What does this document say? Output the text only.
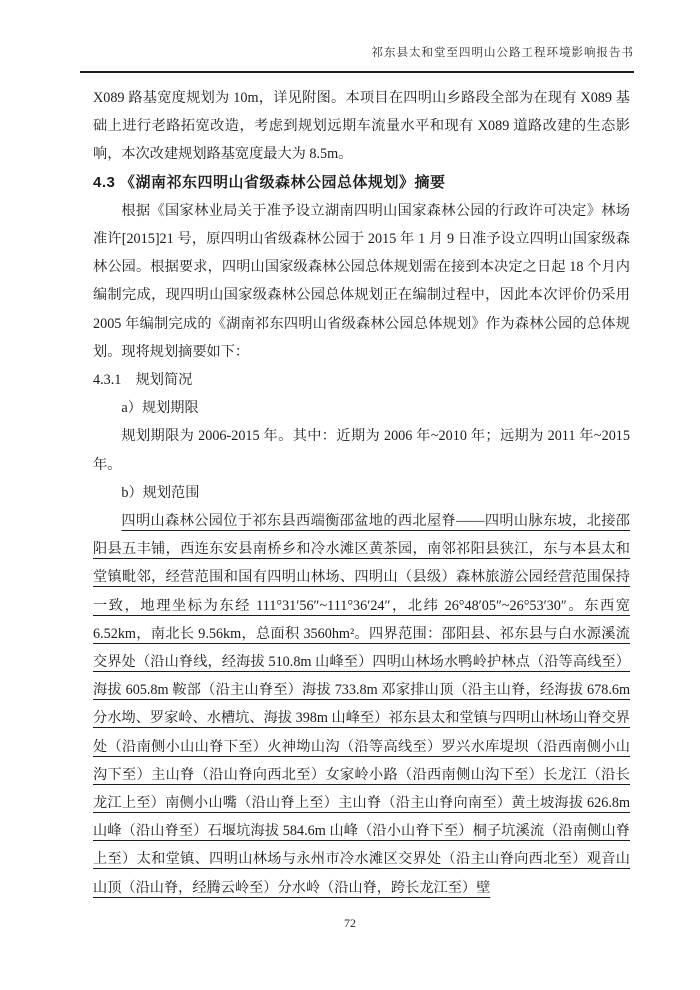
祁东县太和堂至四明山公路工程环境影响报告书

X089 路基宽度规划为 10m，详见附图。本项目在四明山乡路段全部为在现有 X089 基础上进行老路拓宽改造，考虑到规划远期车流量水平和现有 X089 道路改建的生态影响，本次改建规划路基宽度最大为 8.5m。

4.3 《湖南祁东四明山省级森林公园总体规划》摘要

根据《国家林业局关于准予设立湖南四明山国家森林公园的行政许可决定》林场准许[2015]21 号，原四明山省级森林公园于 2015 年 1 月 9 日准予设立四明山国家级森林公园。根据要求，四明山国家级森林公园总体规划需在接到本决定之日起 18 个月内编制完成，现四明山国家级森林公园总体规划正在编制过程中，因此本次评价仍采用 2005 年编制完成的《湖南祁东四明山省级森林公园总体规划》作为森林公园的总体规划。现将规划摘要如下：

4.3.1　规划简况

a）规划期限

规划期限为 2006-2015 年。其中：近期为 2006 年~2010 年；远期为 2011 年~2015 年。

b）规划范围

四明山森林公园位于祁东县西端衡邵盆地的西北屋脊——四明山脉东坡，北接邵阳县五丰铺，西连东安县南桥乡和冷水滩区黄茶园，南邻祁阳县狭江，东与本县太和堂镇毗邻，经营范围和国有四明山林场、四明山（县级）森林旅游公园经营范围保持一致，地理坐标为东经 111°31′56″~111°36′24″，北纬 26°48′05″~26°53′30″。东西宽 6.52km，南北长 9.56km，总面积 3560hm²。四界范围：邵阳县、祁东县与白水源溪流交界处（沿山脊线，经海拔 510.8m 山峰至）四明山林场水鸭岭护林点（沿等高线至）海拔 605.8m 鞍部（沿主山脊至）海拔 733.8m 邓家排山顶（沿主山脊，经海拔 678.6m 分水坳、罗家岭、水槽坑、海拔 398m 山峰至）祁东县太和堂镇与四明山林场山脊交界处（沿南侧小山山脊下至）火神坳山沟（沿等高线至）罗兴水库堤坝（沿西南侧小山沟下至）主山脊（沿山脊向西北至）女家岭小路（沿西南侧山沟下至）长龙江（沿长龙江上至）南侧小山嘴（沿山脊上至）主山脊（沿主山脊向南至）黄土坡海拔 626.8m 山峰（沿山脊至）石堰坑海拔 584.6m 山峰（沿小山脊下至）桐子坑溪流（沿南侧山脊上至）太和堂镇、四明山林场与永州市冷水滩区交界处（沿主山脊向西北至）观音山山顶（沿山脊，经腾云岭至）分水岭（沿山脊，跨长龙江至）壁

72
